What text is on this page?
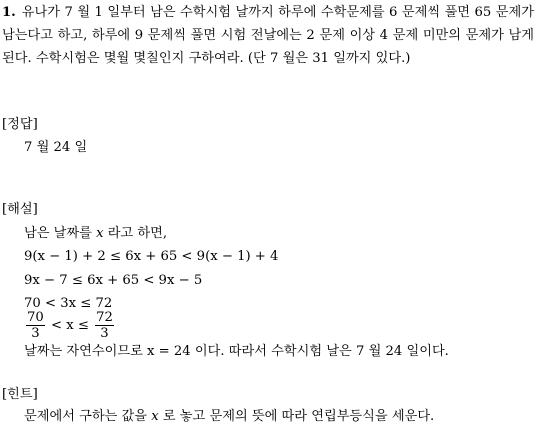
1. 유나가 7 월 1 일부터 남은 수학시험 날까지 하루에 수학문제를 6 문제씩 풀면 65 문제가 남는다고 하고, 하루에 9 문제씩 풀면 시험 전날에는 2 문제 이상 4 문제 미만의 문제가 남게 된다. 수학시험은 몇월 몇칠인지 구하여라. (단 7 월은 31 일까지 있다.)
[정답]
7 월 24 일
[해설]
남은 날짜를 x 라고 하면,
9(x − 1) + 2 ≤ 6x + 65 < 9(x − 1) + 4
9x − 7 ≤ 6x + 65 < 9x − 5
70 < 3x ≤ 72
$\frac{70}{3} < x \le \frac{72}{3}$
날짜는 자연수이므로 x = 24 이다. 따라서 수학시험 날은 7 월 24 일이다.
[힌트]
문제에서 구하는 값을 x 로 놓고 문제의 뜻에 따라 연립부등식을 세운다.
